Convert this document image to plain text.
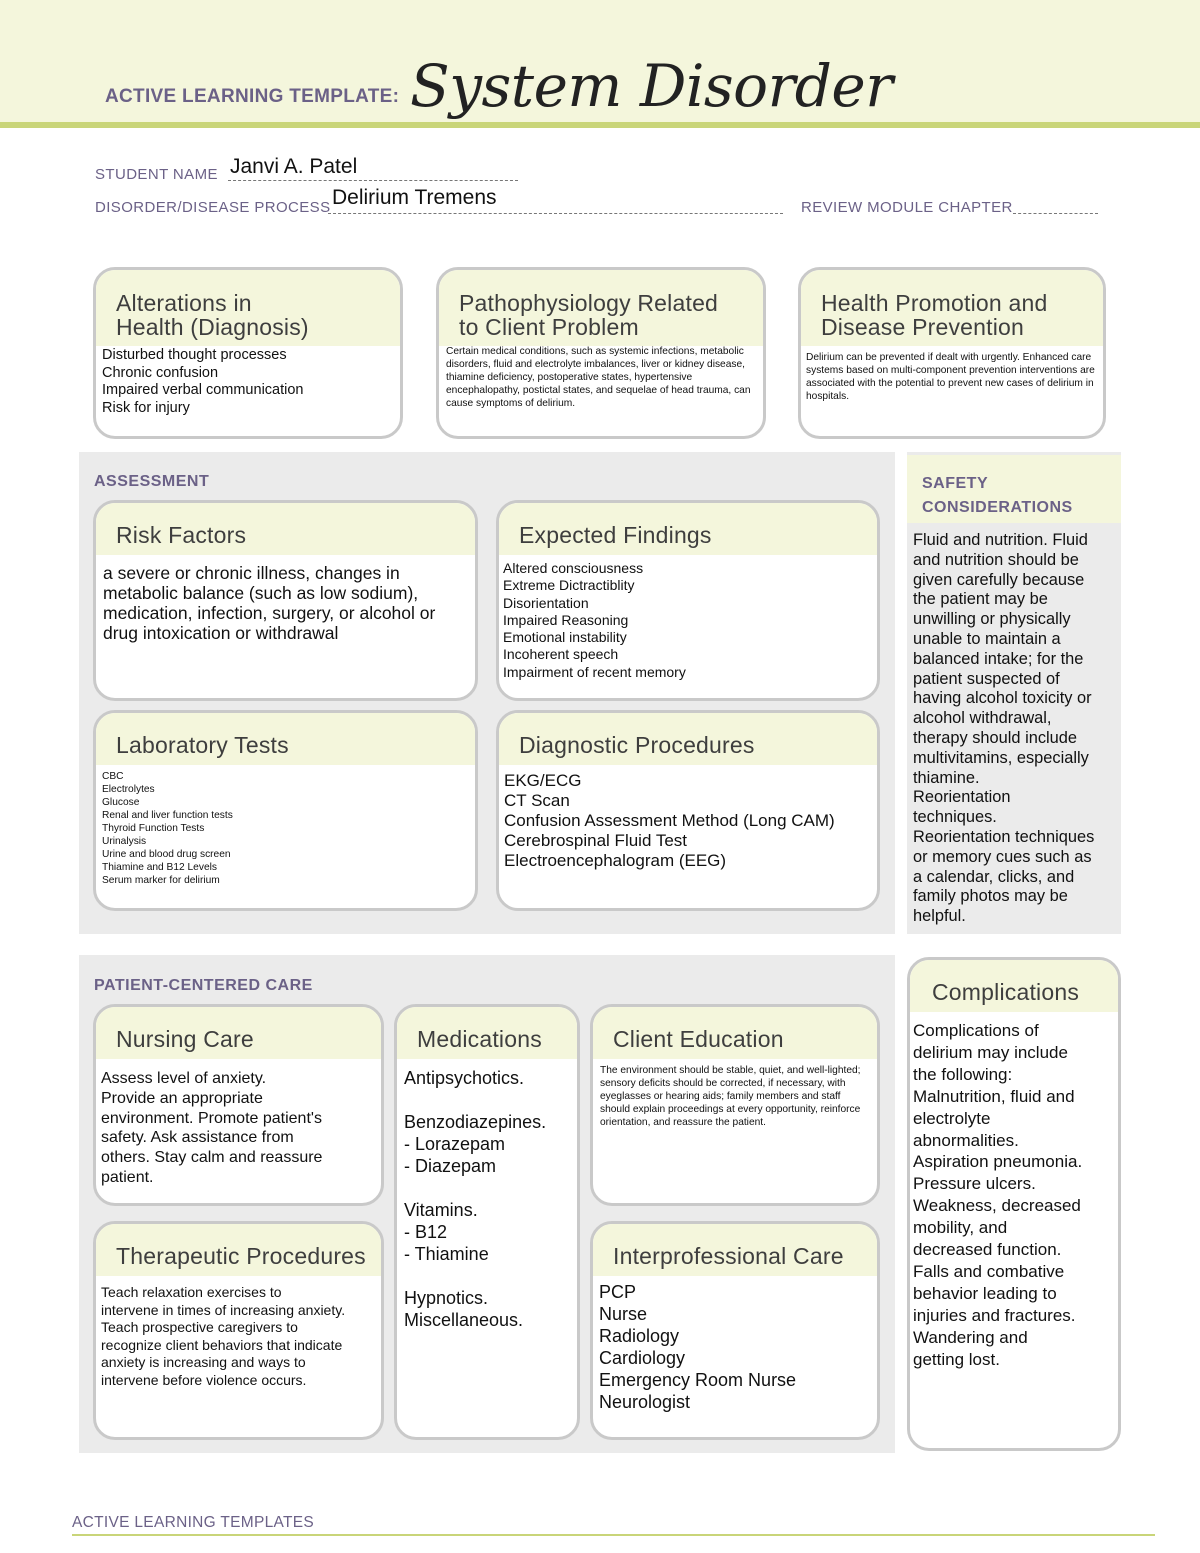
ACTIVE LEARNING TEMPLATE: System Disorder
STUDENT NAME Janvi A. Patel
DISORDER/DISEASE PROCESS Delirium Tremens	REVIEW MODULE CHAPTER
Alterations in
Health (Diagnosis)
Disturbed thought processes
Chronic confusion
Impaired verbal communication
Risk for injury
Pathophysiology Related
to Client Problem
Certain medical conditions, such as systemic infections, metabolic disorders, fluid and electrolyte imbalances, liver or kidney disease, thiamine deficiency, postoperative states, hypertensive encephalopathy, postictal states, and sequelae of head trauma, can cause symptoms of delirium.
Health Promotion and
Disease Prevention
Delirium can be prevented if dealt with urgently. Enhanced care systems based on multi-component prevention interventions are associated with the potential to prevent new cases of delirium in hospitals.
ASSESSMENT
Risk Factors
a severe or chronic illness, changes in metabolic balance (such as low sodium), medication, infection, surgery, or alcohol or drug intoxication or withdrawal
Expected Findings
Altered consciousness
Extreme Dictractiblity
Disorientation
Impaired Reasoning
Emotional instability
Incoherent speech
Impairment of recent memory
Laboratory Tests
CBC
Electrolytes
Glucose
Renal and liver function tests
Thyroid Function Tests
Urinalysis
Urine and blood drug screen
Thiamine and B12 Levels
Serum marker for delirium
Diagnostic Procedures
EKG/ECG
CT Scan
Confusion Assessment Method (Long CAM)
Cerebrospinal Fluid Test
Electroencephalogram (EEG)
SAFETY
CONSIDERATIONS
Fluid and nutrition. Fluid
and nutrition should be
given carefully because
the patient may be
unwilling or physically
unable to maintain a
balanced intake; for the
patient suspected of
having alcohol toxicity or
alcohol withdrawal,
therapy should include
multivitamins, especially
thiamine.
Reorientation
techniques.
Reorientation techniques
or memory cues such as
a calendar, clicks, and
family photos may be
helpful.
PATIENT-CENTERED CARE
Nursing Care
Assess level of anxiety.
Provide an appropriate
environment. Promote patient's
safety. Ask assistance from
others. Stay calm and reassure
patient.
Medications
Antipsychotics.

Benzodiazepines.
- Lorazepam
- Diazepam

Vitamins.
- B12
- Thiamine

Hypnotics.
Miscellaneous.
Client Education
The environment should be stable, quiet, and well-lighted; sensory deficits should be corrected, if necessary, with eyeglasses or hearing aids; family members and staff should explain proceedings at every opportunity, reinforce orientation, and reassure the patient.
Therapeutic Procedures
Teach relaxation exercises to
intervene in times of increasing anxiety.
Teach prospective caregivers to
recognize client behaviors that indicate
anxiety is increasing and ways to
intervene before violence occurs.
Interprofessional Care
PCP
Nurse
Radiology
Cardiology
Emergency Room Nurse
Neurologist
Complications
Complications of
delirium may include
the following:
Malnutrition, fluid and
electrolyte
abnormalities.
Aspiration pneumonia.
Pressure ulcers.
Weakness, decreased
mobility, and
decreased function.
Falls and combative
behavior leading to
injuries and fractures.
Wandering and
getting lost.
ACTIVE LEARNING TEMPLATES
